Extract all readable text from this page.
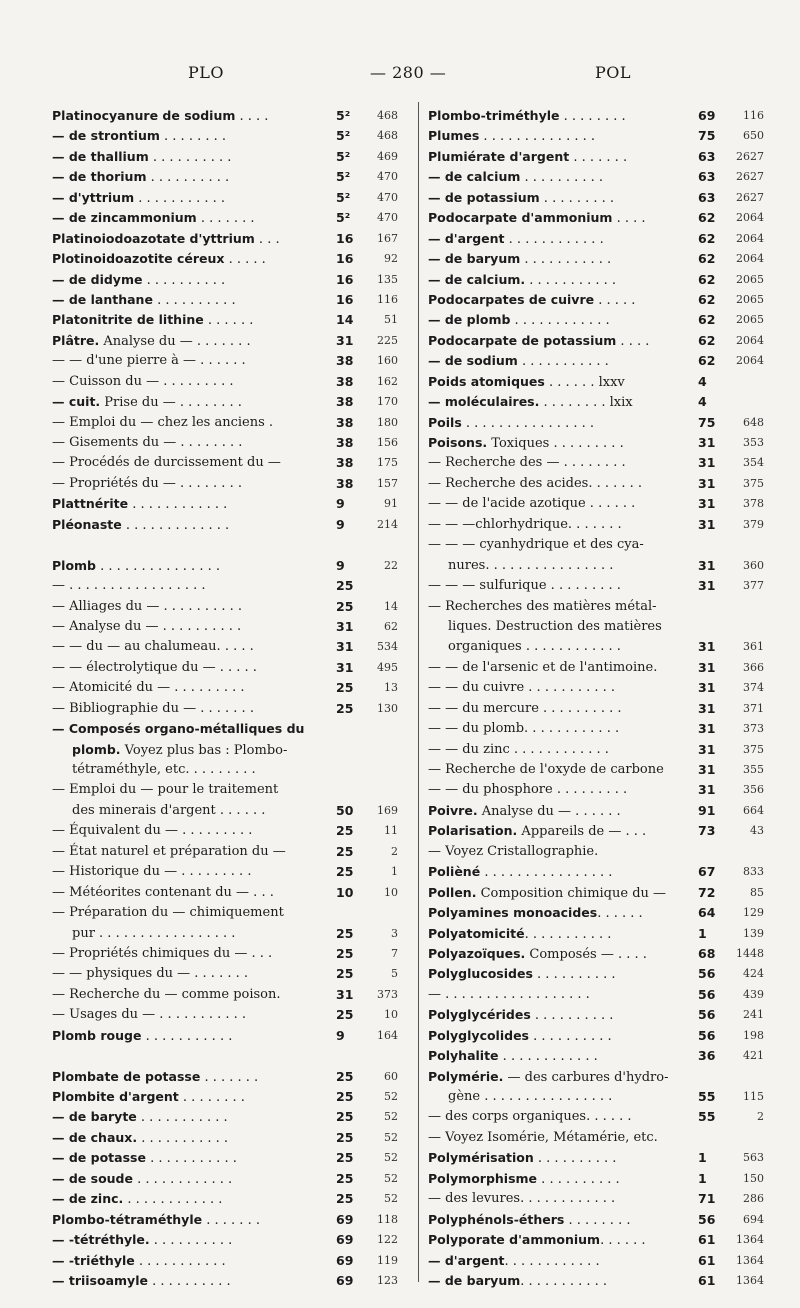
PLO	— 280 —	POL
Platinocyanure de sodium . . . .	5²	468
— de strontium . . . . . . . .	5²	468
— de thallium . . . . . . . . . .	5²	469
— de thorium . . . . . . . . . .	5²	470
— d'yttrium . . . . . . . . . . .	5²	470
— de zincammonium . . . . . . .	5²	470
Platinoiodoazotate d'yttrium . . .	16	167
Plotinoidoazotite céreux . . . . .	16	92
— de didyme . . . . . . . . . .	16	135
— de lanthane . . . . . . . . . .	16	116
Platonitrite de lithine . . . . . .	14	51
Plâtre. Analyse du — . . . . . . .	31	225
— — d'une pierre à — . . . . . .	38	160
— Cuisson du — . . . . . . . . .	38	162
— cuit. Prise du — . . . . . . . .	38	170
— Emploi du — chez les anciens .	38	180
— Gisements du — . . . . . . . .	38	156
— Procédés de durcissement du —	38	175
— Propriétés du — . . . . . . . .	38	157
Plattnérite . . . . . . . . . . . .	9	91
Pléonaste . . . . . . . . . . . . .	9	214
Plomb . . . . . . . . . . . . . . .	9	22
— . . . . . . . . . . . . . . . . .	25
— Alliages du — . . . . . . . . . .	25	14
— Analyse du — . . . . . . . . . .	31	62
— — du — au chalumeau. . . . .	31	534
— — électrolytique du — . . . . .	31	495
— Atomicité du — . . . . . . . . .	25	13
— Bibliographie du — . . . . . . .	25	130
— Composés organo-métalliques du
plomb. Voyez plus bas : Plombo-
tétraméthyle, etc. . . . . . . . .
— Emploi du — pour le traitement
des minerais d'argent . . . . . .	50	169
— Équivalent du — . . . . . . . . .	25	11
— État naturel et préparation du —	25	2
— Historique du — . . . . . . . . .	25	1
— Météorites contenant du — . . .	10	10
— Préparation du — chimiquement
pur . . . . . . . . . . . . . . . . .	25	3
— Propriétés chimiques du — . . .	25	7
— — physiques du — . . . . . . .	25	5
— Recherche du — comme poison.	31	373
— Usages du — . . . . . . . . . . .	25	10
Plomb rouge . . . . . . . . . . .	9	164
Plombate de potasse . . . . . . .	25	60
Plombite d'argent . . . . . . . .	25	52
— de baryte . . . . . . . . . . .	25	52
— de chaux. . . . . . . . . . . .	25	52
— de potasse . . . . . . . . . . .	25	52
— de soude . . . . . . . . . . . .	25	52
— de zinc. . . . . . . . . . . . .	25	52
Plombo-tétraméthyle . . . . . . .	69	118
— -tétréthyle. . . . . . . . . . .	69	122
— -triéthyle . . . . . . . . . . .	69	119
— triisoamyle . . . . . . . . . .	69	123
Plombo-triméthyle . . . . . . . .	69	116
Plumes . . . . . . . . . . . . . .	75	650
Plumiérate d'argent . . . . . . .	63	2627
— de calcium . . . . . . . . . .	63	2627
— de potassium . . . . . . . . .	63	2627
Podocarpate d'ammonium . . . .	62	2064
— d'argent . . . . . . . . . . . .	62	2064
— de baryum . . . . . . . . . . .	62	2064
— de calcium. . . . . . . . . . . .	62	2065
Podocarpates de cuivre . . . . .	62	2065
— de plomb . . . . . . . . . . . .	62	2065
Podocarpate de potassium . . . .	62	2064
— de sodium . . . . . . . . . . .	62	2064
Poids atomiques . . . . . . lxxv	4
— moléculaires. . . . . . . . . lxix	4
Poils . . . . . . . . . . . . . . . .	75	648
Poisons. Toxiques . . . . . . . . .	31	353
— Recherche des — . . . . . . . .	31	354
— Recherche des acides. . . . . . .	31	375
— — de l'acide azotique . . . . . .	31	378
— — —chlorhydrique. . . . . . .	31	379
— — — cyanhydrique et des cya-
nures. . . . . . . . . . . . . . . .	31	360
— — — sulfurique . . . . . . . . .	31	377
— Recherches des matières métal-
liques. Destruction des matières
organiques . . . . . . . . . . . .	31	361
— — de l'arsenic et de l'antimoine.	31	366
— — du cuivre . . . . . . . . . . .	31	374
— — du mercure . . . . . . . . . .	31	371
— — du plomb. . . . . . . . . . . .	31	373
— — du zinc . . . . . . . . . . . .	31	375
— Recherche de l'oxyde de carbone	31	355
— — du phosphore . . . . . . . . .	31	356
Poivre. Analyse du — . . . . . .	91	664
Polarisation. Appareils de — . . .	73	43
— Voyez Cristallographie.
Polièné . . . . . . . . . . . . . . . .	67	833
Pollen. Composition chimique du —	72	85
Polyamines monoacides. . . . . .	64	129
Polyatomicité. . . . . . . . . . .	1	139
Polyazoïques. Composés — . . . .	68	1448
Polyglucosides . . . . . . . . . .	56	424
— . . . . . . . . . . . . . . . . . .	56	439
Polyglycérides . . . . . . . . . .	56	241
Polyglycolides . . . . . . . . . .	56	198
Polyhalite . . . . . . . . . . . .	36	421
Polymérie. — des carbures d'hydro-
gène . . . . . . . . . . . . . . . .	55	115
— des corps organiques. . . . . .	55	2
— Voyez Isomérie, Métamérie, etc.
Polymérisation . . . . . . . . . .	1	563
Polymorphisme . . . . . . . . . .	1	150
— des levures. . . . . . . . . . . .	71	286
Polyphénols-éthers . . . . . . . .	56	694
Polyporate d'ammonium. . . . . .	61	1364
— d'argent. . . . . . . . . . . .	61	1364
— de baryum. . . . . . . . . . .	61	1364
